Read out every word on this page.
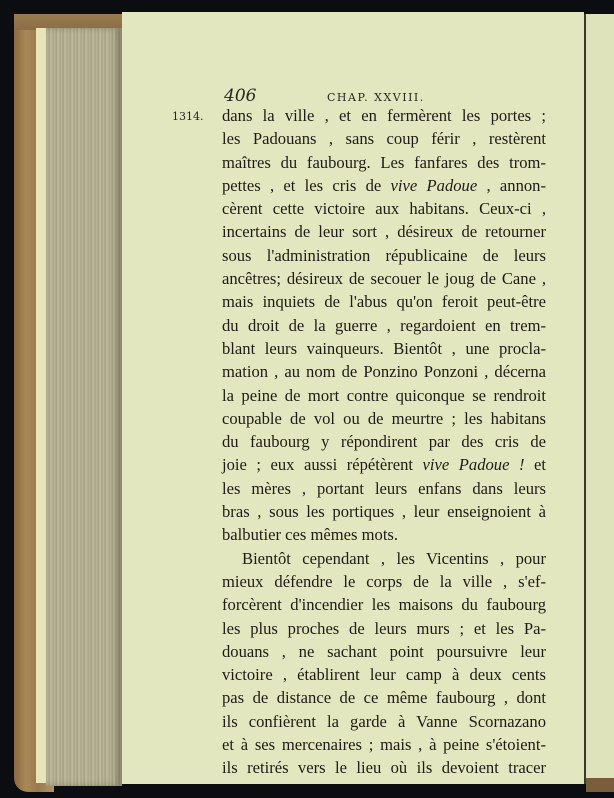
406	CHAP. XXVIII.
1314. dans la ville , et en fermèrent les portes ;
les Padouans , sans coup férir , restèrent
maîtres du faubourg. Les fanfares des trom-
pettes , et les cris de vive Padoue , annon-
cèrent cette victoire aux habitans. Ceux-ci ,
incertains de leur sort , désireux de retourner
sous l'administration républicaine de leurs
ancêtres; désireux de secouer le joug de Cane ,
mais inquiets de l'abus qu'on feroit peut-être
du droit de la guerre , regardoient en trem-
blant leurs vainqueurs. Bientôt , une procla-
mation , au nom de Ponzino Ponzoni , décerna
la peine de mort contre quiconque se rendroit
coupable de vol ou de meurtre ; les habitans
du faubourg y répondirent par des cris de
joie ; eux aussi répétèrent vive Padoue ! et
les mères , portant leurs enfans dans leurs
bras , sous les portiques , leur enseignoient à
balbutier ces mêmes mots.
Bientôt cependant , les Vicentins , pour
mieux défendre le corps de la ville , s'ef-
forcèrent d'incendier les maisons du faubourg
les plus proches de leurs murs ; et les Pa-
douans , ne sachant point poursuivre leur
victoire , établirent leur camp à deux cents
pas de distance de ce même faubourg , dont
ils confièrent la garde à Vanne Scornazano
et à ses mercenaires ; mais , à peine s'étoient-
ils retirés vers le lieu où ils devoient tracer
